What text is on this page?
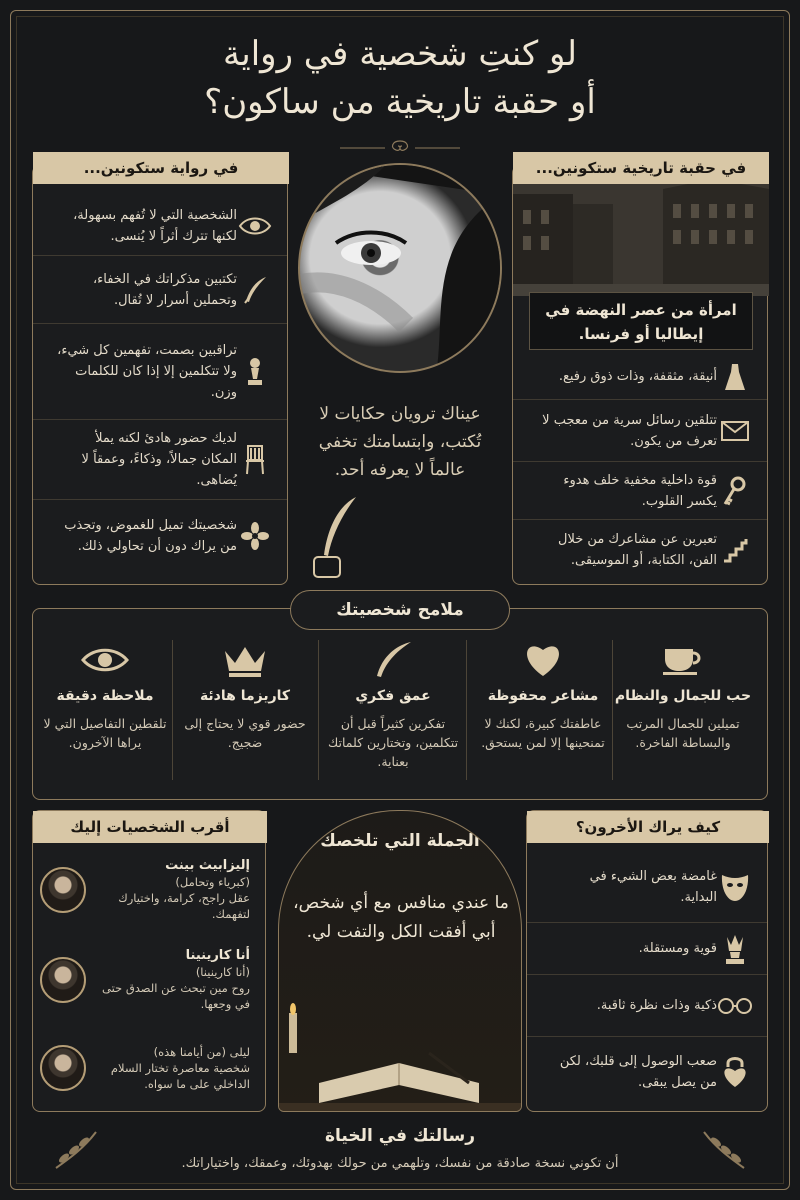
لو كنتِ شخصية في رواية
أو حقبة تاريخية من ساكون؟
في رواية ستكونين...
الشخصية التي لا تُفهم بسهولة، لكنها تترك أثراً لا يُنسى.
تكتبين مذكراتك في الخفاء، وتحملين أسرار لا تُقال.
تراقبين بصمت، تفهمين كل شيء، ولا تتكلمين إلا إذا كان للكلمات وزن.
لديك حضور هادئ لكنه يملأ المكان جمالاً، وذكاءً، وعمقاً لا يُضاهى.
شخصيتك تميل للغموض، وتجذب من يراك دون أن تحاولي ذلك.
عيناك ترويان حكايات لا تُكتب، وابتسامتك تخفي عالماً لا يعرفه أحد.
في حقبة تاريخية ستكونين...
امرأة من عصر النهضة في إيطاليا أو فرنسا.
أنيقة، مثقفة، وذات ذوق رفيع.
تتلقين رسائل سرية من معجب لا تعرف من يكون.
قوة داخلية مخفية خلف هدوء يكسر القلوب.
تعبرين عن مشاعرك من خلال الفن، الكتابة، أو الموسيقى.
ملامح شخصيتك
حب للجمال والنظام
تميلين للجمال المرتب والبساطة الفاخرة.
مشاعر محفوظة
عاطفتك كبيرة، لكنك لا تمنحينها إلا لمن يستحق.
عمق فكري
تفكرين كثيراً قبل أن تتكلمين، وتختارين كلماتك بعناية.
كاريزما هادئة
حضور قوي لا يحتاج إلى ضجيج.
ملاحظة دقيقة
تلقطين التفاصيل التي لا يراها الآخرون.
كيف يراك الأخرون؟
غامضة بعض الشيء في البداية.
قوية ومستقلة.
ذكية وذات نظرة ثاقبة.
صعب الوصول إلى قلبك، لكن من يصل يبقى.
الجملة التي تلخصك
ما عندي منافس مع أي شخص، أبي أفقت الكل والتفت لي.
أقرب الشخصيات إليك
إليزابيث بينت
(كبرياء وتحامل)
عقل راجح، كرامة، واختيارك لتفهمك.
أنا كارينينا
(أنا كارينينا)
روح مين تبحث عن الصدق حتى في وجعها.
ليلى (من أيامنا هذه)
شخصية معاصرة تختار السلام الداخلي على ما سواه.
رسالتك في الخياة
أن تكوني نسخة صادقة من نفسك، وتلهمي من حولك بهدوئك، وعمقك، واختياراتك.
